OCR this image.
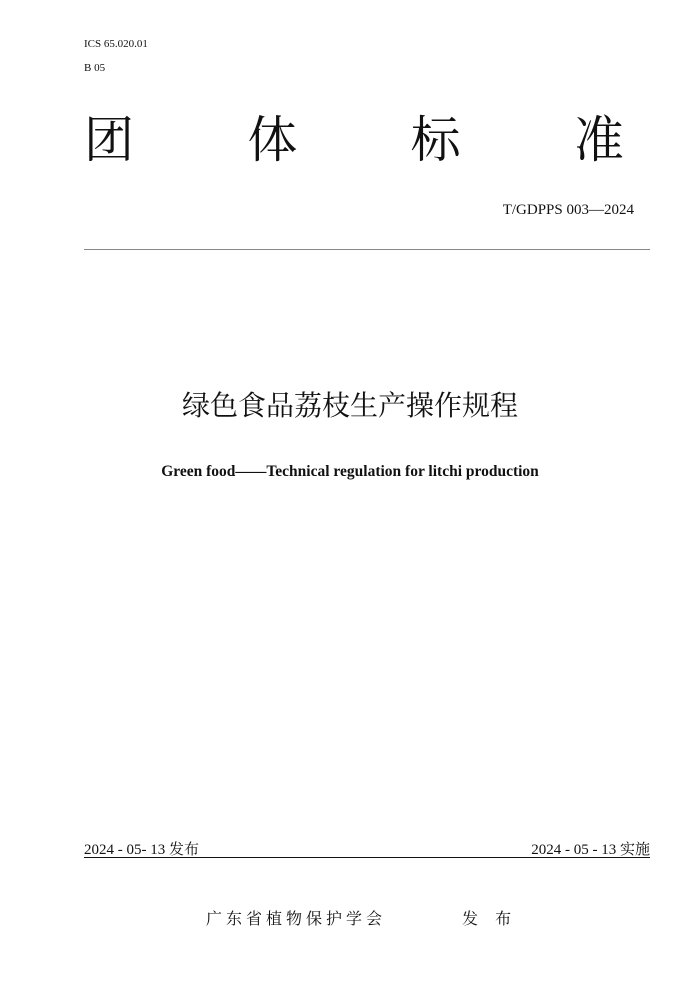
ICS 65.020.01
B 05
团 体 标 准
T/GDPPS 003—2024
绿色食品荔枝生产操作规程
Green food——Technical regulation for litchi production
2024 - 05- 13 发布	2024 - 05 - 13 实施
广东省植物保护学会	发 布
